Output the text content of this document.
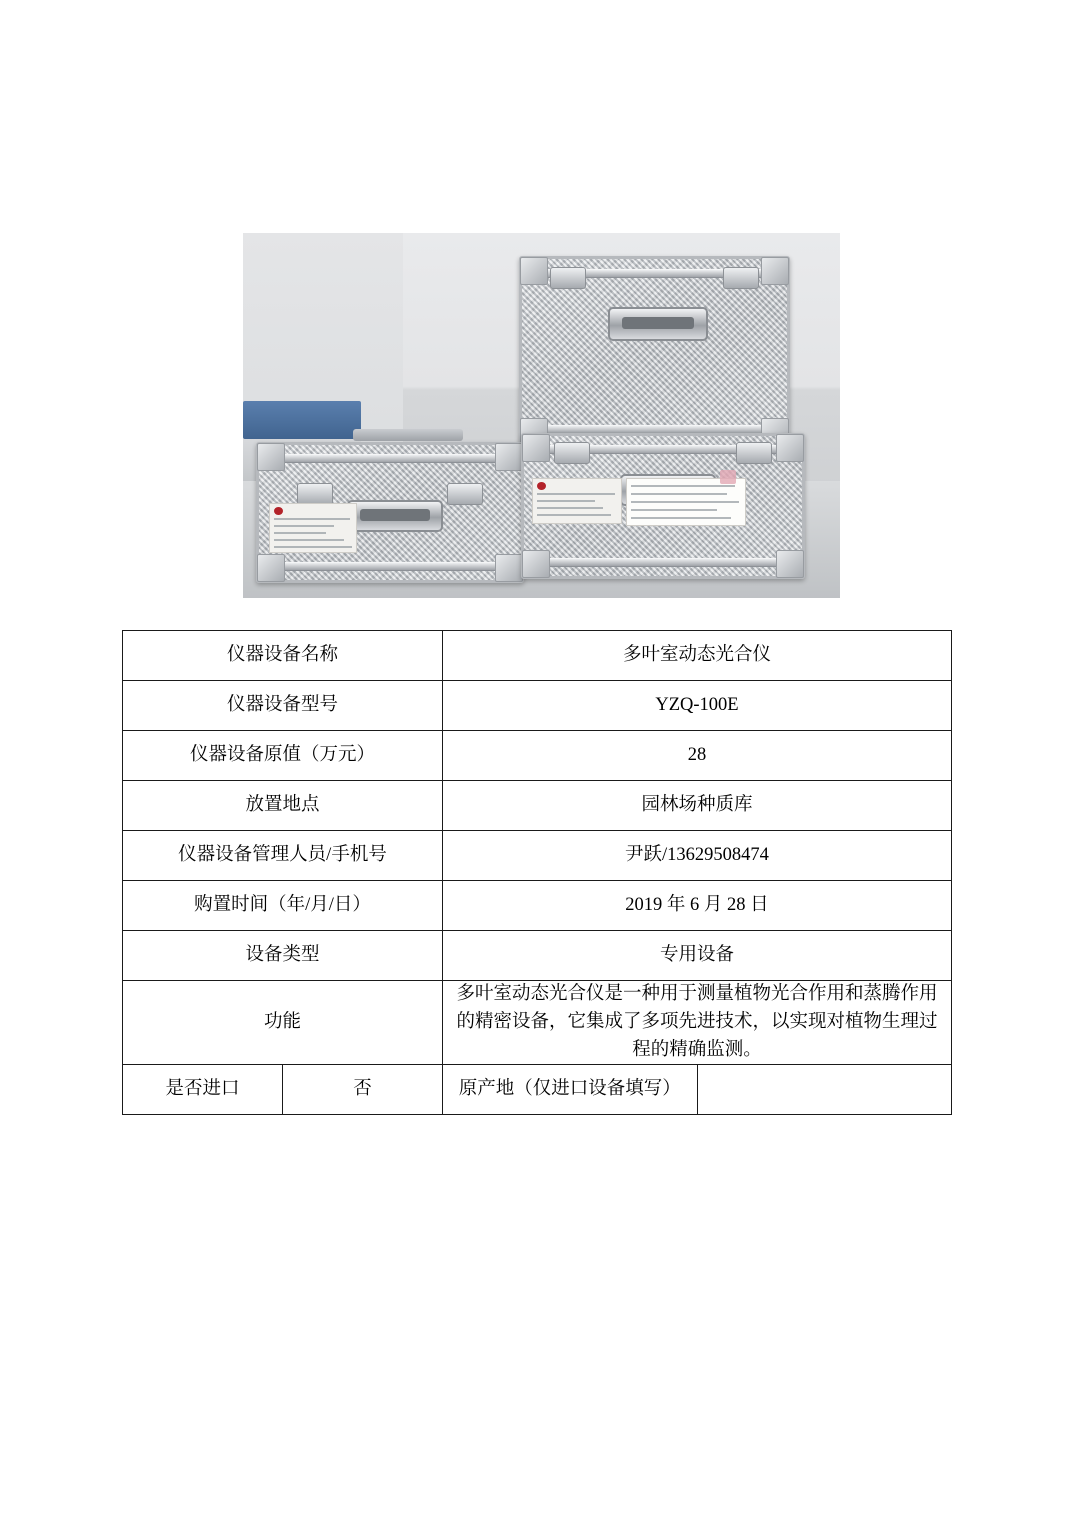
仪器设备名称		多叶室动态光合仪	
仪器设备型号		YZQ-100E	
仪器设备原值（万元）		28	
放置地点		园林场种质库	
仪器设备管理人员/手机号		尹跃/13629508474	
购置时间（年/月/日）		2019 年 6 月 28 日	
设备类型		专用设备	
功能		多叶室动态光合仪是一种用于测量植物光合作用和蒸腾作用的精密设备，它集成了多项先进技术，以实现对植物生理过程的精确监测。	
是否进口	否	原产地（仅进口设备填写）	
